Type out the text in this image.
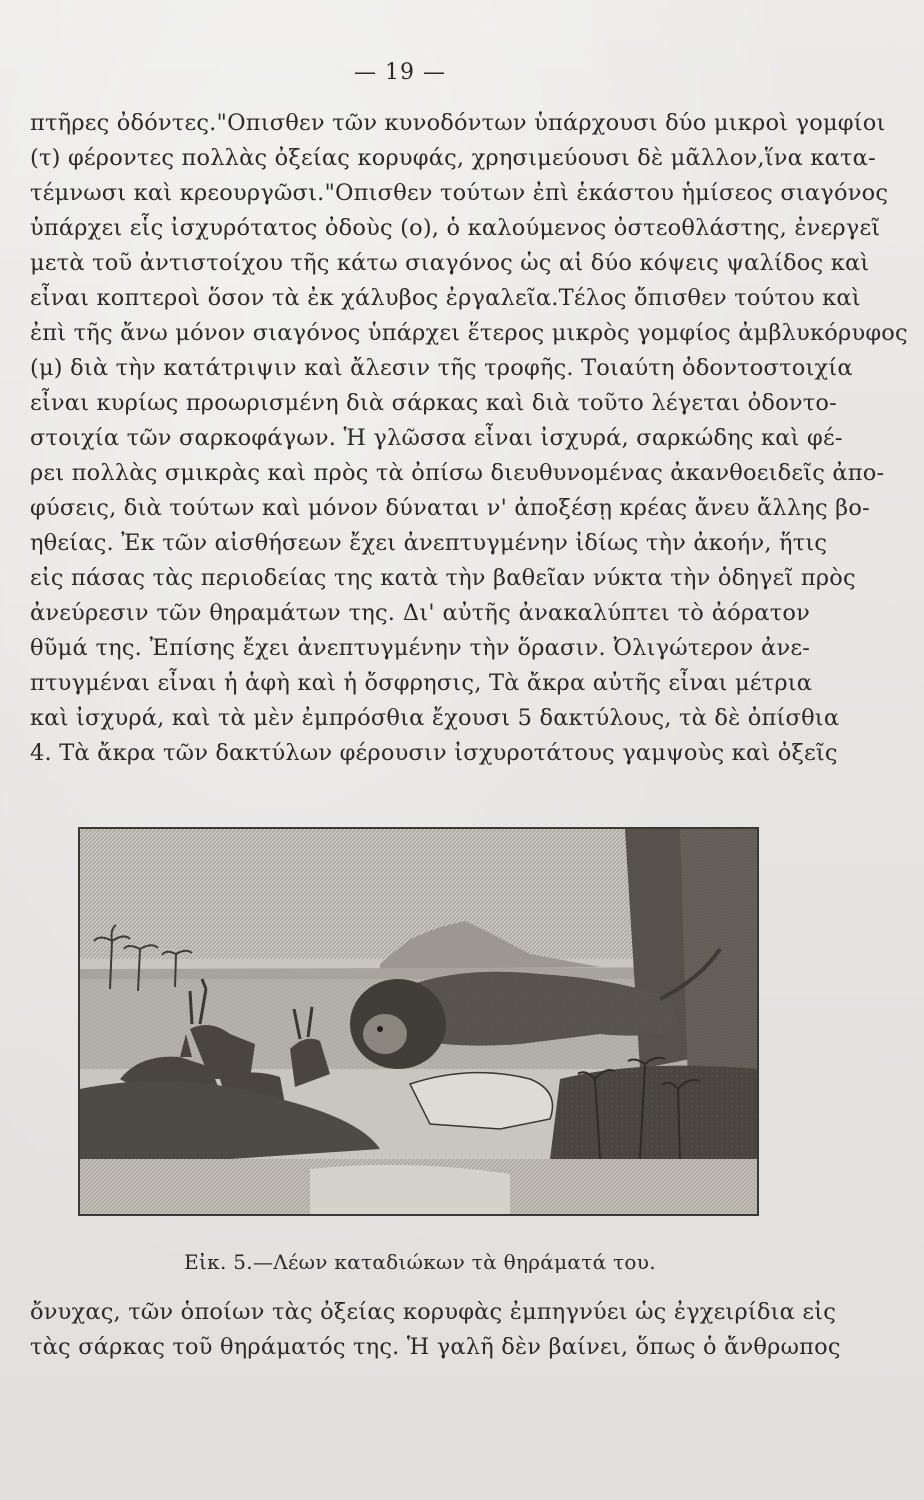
— 19 —
πτῆρες ὀδόντες."Οπισθεν τῶν κυνοδόντων ὑπάρχουσι δύο μικροὶ γομφίοι
(τ) φέροντες πολλὰς ὀξείας κορυφάς, χρησιμεύουσι δὲ μᾶλλον,ἵνα κατα-
τέμνωσι καὶ κρεουργῶσι."Οπισθεν τούτων ἐπὶ ἑκάστου ἡμίσεος σιαγόνος
ὑπάρχει εἷς ἰσχυρότατος ὀδοὺς (ο), ὁ καλούμενος ὀστεοθλάστης, ἐνεργεῖ
μετὰ τοῦ ἀντιστοίχου τῆς κάτω σιαγόνος ὡς αἱ δύο κόψεις ψαλίδος καὶ
εἶναι κοπτεροὶ ὅσον τὰ ἐκ χάλυβος ἐργαλεῖα.Τέλος ὄπισθεν τούτου καὶ
ἐπὶ τῆς ἄνω μόνον σιαγόνος ὑπάρχει ἕτερος μικρὸς γομφίος ἀμβλυκόρυφος
(μ) διὰ τὴν κατάτριψιν καὶ ἄλεσιν τῆς τροφῆς. Τοιαύτη ὀδοντοστοιχία
εἶναι κυρίως προωρισμένη διὰ σάρκας καὶ διὰ τοῦτο λέγεται ὀδοντο-
στοιχία τῶν σαρκοφάγων. Ἡ γλῶσσα εἶναι ἰσχυρά, σαρκώδης καὶ φέ-
ρει πολλὰς σμικρὰς καὶ πρὸς τὰ ὀπίσω διευθυνομένας ἀκανθοειδεῖς ἀπο-
φύσεις, διὰ τούτων καὶ μόνον δύναται ν' ἀποξέσῃ κρέας ἄνευ ἄλλης βο-
ηθείας. Ἐκ τῶν αἰσθήσεων ἔχει ἀνεπτυγμένην ἰδίως τὴν ἀκοήν, ἥτις
εἰς πάσας τὰς περιοδείας της κατὰ τὴν βαθεῖαν νύκτα τὴν ὁδηγεῖ πρὸς
ἀνεύρεσιν τῶν θηραμάτων της. Δι' αὐτῆς ἀνακαλύπτει τὸ ἀόρατον
θῦμά της. Ἐπίσης ἔχει ἀνεπτυγμένην τὴν ὅρασιν. Ὀλιγώτερον ἀνε-
πτυγμέναι εἶναι ἡ ἁφὴ καὶ ἡ ὄσφρησις, Τὰ ἄκρα αὐτῆς εἶναι μέτρια
καὶ ἰσχυρά, καὶ τὰ μὲν ἐμπρόσθια ἔχουσι 5 δακτύλους, τὰ δὲ ὀπίσθια
4. Τὰ ἄκρα τῶν δακτύλων φέρουσιν ἰσχυροτάτους γαμψοὺς καὶ ὀξεῖς
Εἰκ. 5.—Λέων καταδιώκων τὰ θηράματά του.
ὄνυχας, τῶν ὁποίων τὰς ὀξείας κορυφὰς ἐμπηγνύει ὡς ἐγχειρίδια εἰς
τὰς σάρκας τοῦ θηράματός της. Ἡ γαλῆ δὲν βαίνει, ὅπως ὁ ἄνθρωπος
